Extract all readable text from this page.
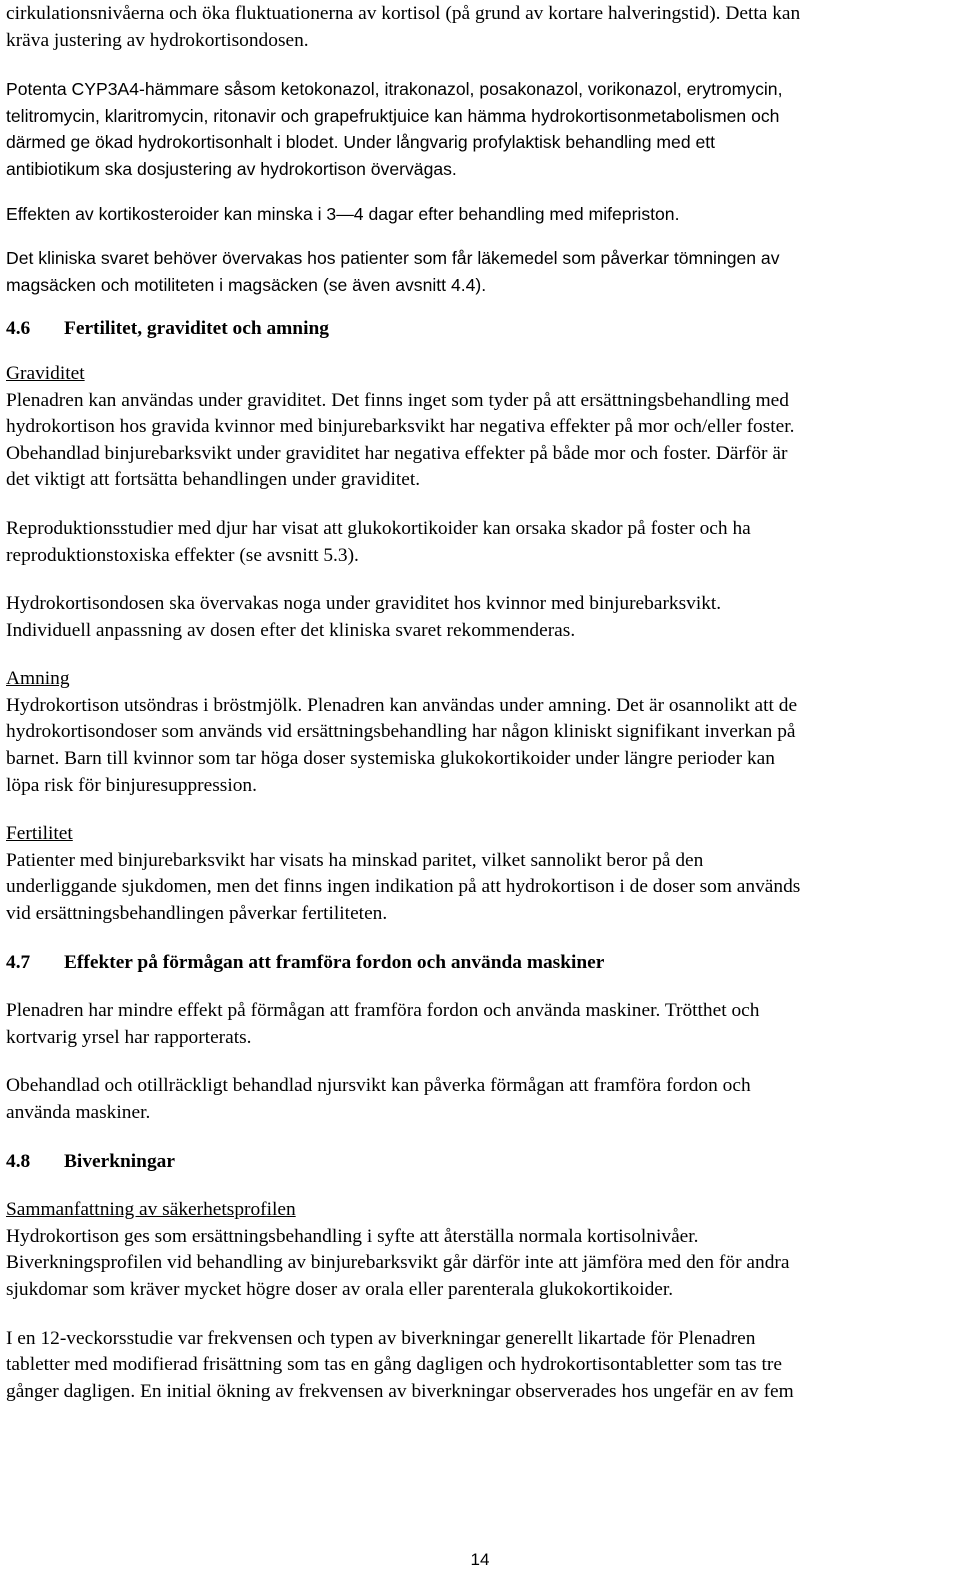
cirkulationsnivåerna och öka fluktuationerna av kortisol (på grund av kortare halveringstid). Detta kan
kräva justering av hydrokortisondosen.

Potenta CYP3A4-hämmare såsom ketokonazol, itrakonazol, posakonazol, vorikonazol, erytromycin,
telitromycin, klaritromycin, ritonavir och grapefruktjuice kan hämma hydrokortisonmetabolismen och
därmed ge ökad hydrokortisonhalt i blodet. Under långvarig profylaktisk behandling med ett
antibiotikum ska dosjustering av hydrokortison övervägas.

Effekten av kortikosteroider kan minska i 3—4 dagar efter behandling med mifepriston.

Det kliniska svaret behöver övervakas hos patienter som får läkemedel som påverkar tömningen av
magsäcken och motiliteten i magsäcken (se även avsnitt 4.4).

4.6 Fertilitet, graviditet och amning

Graviditet

Plenadren kan användas under graviditet. Det finns inget som tyder på att ersättningsbehandling med
hydrokortison hos gravida kvinnor med binjurebarksvikt har negativa effekter på mor och/eller foster.
Obehandlad binjurebarksvikt under graviditet har negativa effekter på både mor och foster. Därför är
det viktigt att fortsätta behandlingen under graviditet.

Reproduktionsstudier med djur har visat att glukokortikoider kan orsaka skador på foster och ha
reproduktionstoxiska effekter (se avsnitt 5.3).

Hydrokortisondosen ska övervakas noga under graviditet hos kvinnor med binjurebarksvikt.
Individuell anpassning av dosen efter det kliniska svaret rekommenderas.

Amning

Hydrokortison utsöndras i bröstmjölk. Plenadren kan användas under amning. Det är osannolikt att de
hydrokortisondoser som används vid ersättningsbehandling har någon kliniskt signifikant inverkan på
barnet. Barn till kvinnor som tar höga doser systemiska glukokortikoider under längre perioder kan
löpa risk för binjuresuppression.

Fertilitet

Patienter med binjurebarksvikt har visats ha minskad paritet, vilket sannolikt beror på den
underliggande sjukdomen, men det finns ingen indikation på att hydrokortison i de doser som används
vid ersättningsbehandlingen påverkar fertiliteten.

4.7 Effekter på förmågan att framföra fordon och använda maskiner

Plenadren har mindre effekt på förmågan att framföra fordon och använda maskiner. Trötthet och
kortvarig yrsel har rapporterats.

Obehandlad och otillräckligt behandlad njursvikt kan påverka förmågan att framföra fordon och
använda maskiner.

4.8 Biverkningar

Sammanfattning av säkerhetsprofilen

Hydrokortison ges som ersättningsbehandling i syfte att återställa normala kortisolnivåer.
Biverkningsprofilen vid behandling av binjurebarksvikt går därför inte att jämföra med den för andra
sjukdomar som kräver mycket högre doser av orala eller parenterala glukokortikoider.

I en 12-veckorsstudie var frekvensen och typen av biverkningar generellt likartade för Plenadren
tabletter med modifierad frisättning som tas en gång dagligen och hydrokortisontabletter som tas tre
gånger dagligen. En initial ökning av frekvensen av biverkningar observerades hos ungefär en av fem

14
